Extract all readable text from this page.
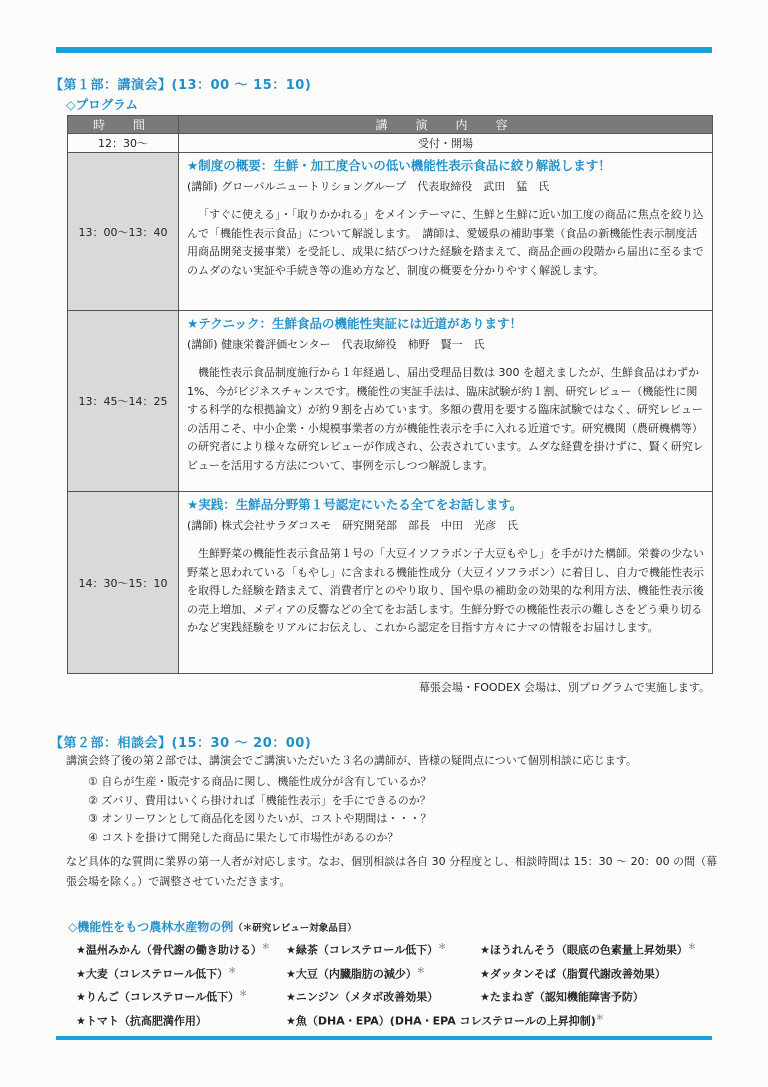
【第１部：講演会】(13：00 〜 15：10)
◇プログラム
時　間	講　演　内　容
12：30〜	受付・開場
13：00〜13：40	★制度の概要：生鮮・加工度合いの低い機能性表示食品に絞り解説します！
(講師) グローバルニュートリショングループ　代表取締役　武田　猛　氏

「すぐに使える」・「取りかかれる」をメインテーマに、生鮮と生鮮に近い加工度の商品に焦点を絞り込んで「機能性表示食品」について解説します。　講師は、愛媛県の補助事業（食品の新機能性表示制度活用商品開発支援事業）を受託し、成果に結びつけた経験を踏まえて、商品企画の段階から届出に至るまでのムダのない実証や手続き等の進め方など、制度の概要を分かりやすく解説します。

13：45〜14：25	★テクニック：生鮮食品の機能性実証には近道があります！
(講師) 健康栄養評価センター　代表取締役　柿野　賢一　氏

機能性表示食品制度施行から１年経過し、届出受理品目数は 300 を超えましたが、生鮮食品はわずか 1%、今がビジネスチャンスです。機能性の実証手法は、臨床試験が約１割、研究レビュー（機能性に関する科学的な根拠論文）が約９割を占めています。多額の費用を要する臨床試験ではなく、研究レビューの活用こそ、中小企業・小規模事業者の方が機能性表示を手に入れる近道です。研究機関（農研機構等）の研究者により様々な研究レビューが作成され、公表されています。ムダな経費を掛けずに、賢く研究レビューを活用する方法について、事例を示しつつ解説します。

14：30〜15：10	★実践：生鮮品分野第１号認定にいたる全てをお話します。
(講師) 株式会社サラダコスモ　研究開発部　部長　中田　光彦　氏

生鮮野菜の機能性表示食品第１号の「大豆イソフラボン子大豆もやし」を手がけた構師。栄養の少ない野菜と思われている「もやし」に含まれる機能性成分（大豆イソフラボン）に着目し、自力で機能性表示を取得した経験を踏まえて、消費者庁とのやり取り、国や県の補助金の効果的な利用方法、機能性表示後の売上増加、メディアの反響などの全てをお話します。生鮮分野での機能性表示の難しさをどう乗り切るかなど実践経験をリアルにお伝えし、これから認定を目指す方々にナマの情報をお届けします。

幕張会場・FOODEX 会場は、別プログラムで実施します。
【第２部：相談会】(15：30 〜 20：00)
講演会終了後の第２部では、講演会でご講演いただいた３名の講師が、皆様の疑問点について個別相談に応じます。
① 自らが生産・販売する商品に関し、機能性成分が含有しているか？
② ズバリ、費用はいくら掛ければ「機能性表示」を手にできるのか？
③ オンリーワンとして商品化を図りたいが、コストや期間は・・・？
④ コストを掛けて開発した商品に果たして市場性があるのか？
など具体的な質問に業界の第一人者が対応します。なお、個別相談は各自 30 分程度とし、相談時間は 15：30 〜 20：00 の間（幕張会場を除く。）で調整させていただきます。
◇機能性をもつ農林水産物の例（＊研究レビュー対象品目）
★温州みかん（骨代謝の働き助ける）＊	★緑茶（コレステロール低下）＊	★ほうれんそう（眼底の色素量上昇効果）＊
★大麦（コレステロール低下）＊	★大豆（内臓脂肪の減少）＊	★ダッタンそば（脂質代謝改善効果）
★りんご（コレステロール低下）＊	★ニンジン（メタボ改善効果）	★たまねぎ（認知機能障害予防）
★トマト（抗高肥満作用）	★魚（DHA・EPA）(DHA・EPA コレステロールの上昇抑制)＊
